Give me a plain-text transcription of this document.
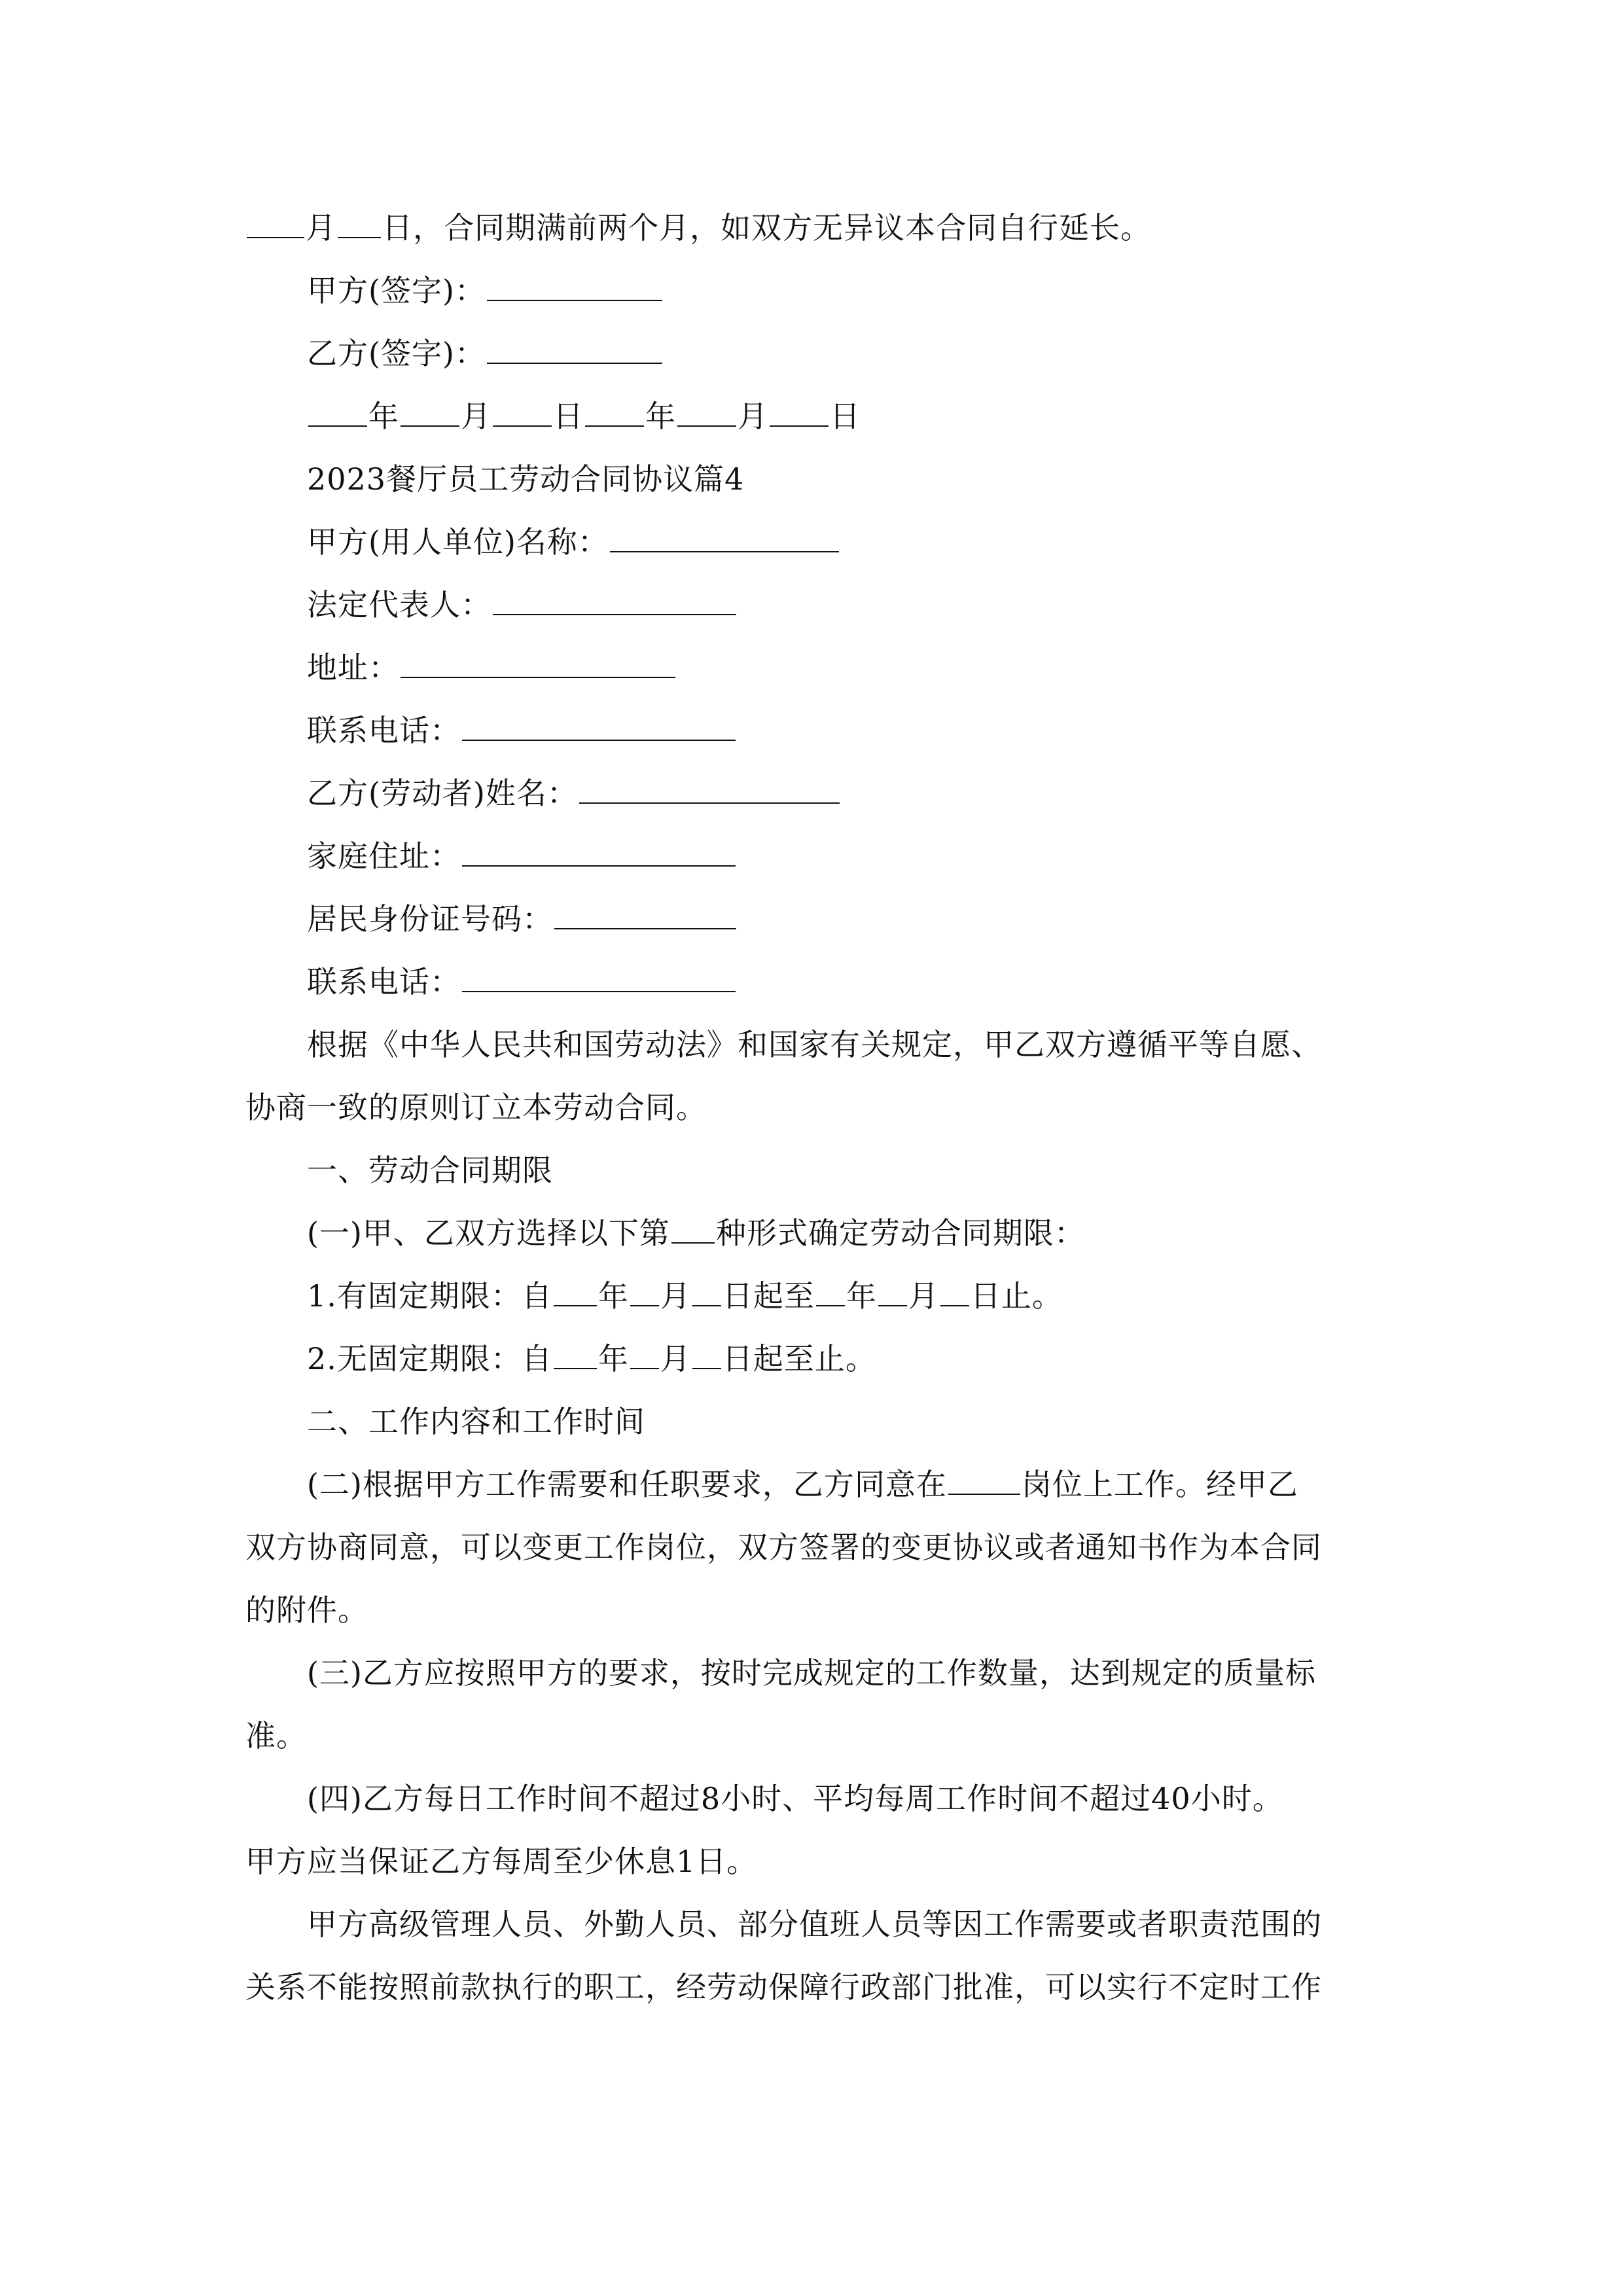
月 日，合同期满前两个月，如双方无异议本合同自行延长。
甲方(签字)：
乙方(签字)：
年 月 日 年 月 日
2023餐厅员工劳动合同协议篇4
甲方(用人单位)名称：
法定代表人：
地址：
联系电话：
乙方(劳动者)姓名：
家庭住址：
居民身份证号码：
联系电话：
根据《中华人民共和国劳动法》和国家有关规定，甲乙双方遵循平等自愿、
协商一致的原则订立本劳动合同。
一、劳动合同期限
(一)甲、乙双方选择以下第 种形式确定劳动合同期限：
1.有固定期限：自 年 月 日起至 年 月 日止。
2.无固定期限：自 年 月 日起至止。
二、工作内容和工作时间
(二)根据甲方工作需要和任职要求，乙方同意在 岗位上工作。经甲乙
双方协商同意，可以变更工作岗位，双方签署的变更协议或者通知书作为本合同
的附件。
(三)乙方应按照甲方的要求，按时完成规定的工作数量，达到规定的质量标
准。
(四)乙方每日工作时间不超过8小时、平均每周工作时间不超过40小时。
甲方应当保证乙方每周至少休息1日。
甲方高级管理人员、外勤人员、部分值班人员等因工作需要或者职责范围的
关系不能按照前款执行的职工，经劳动保障行政部门批准，可以实行不定时工作
